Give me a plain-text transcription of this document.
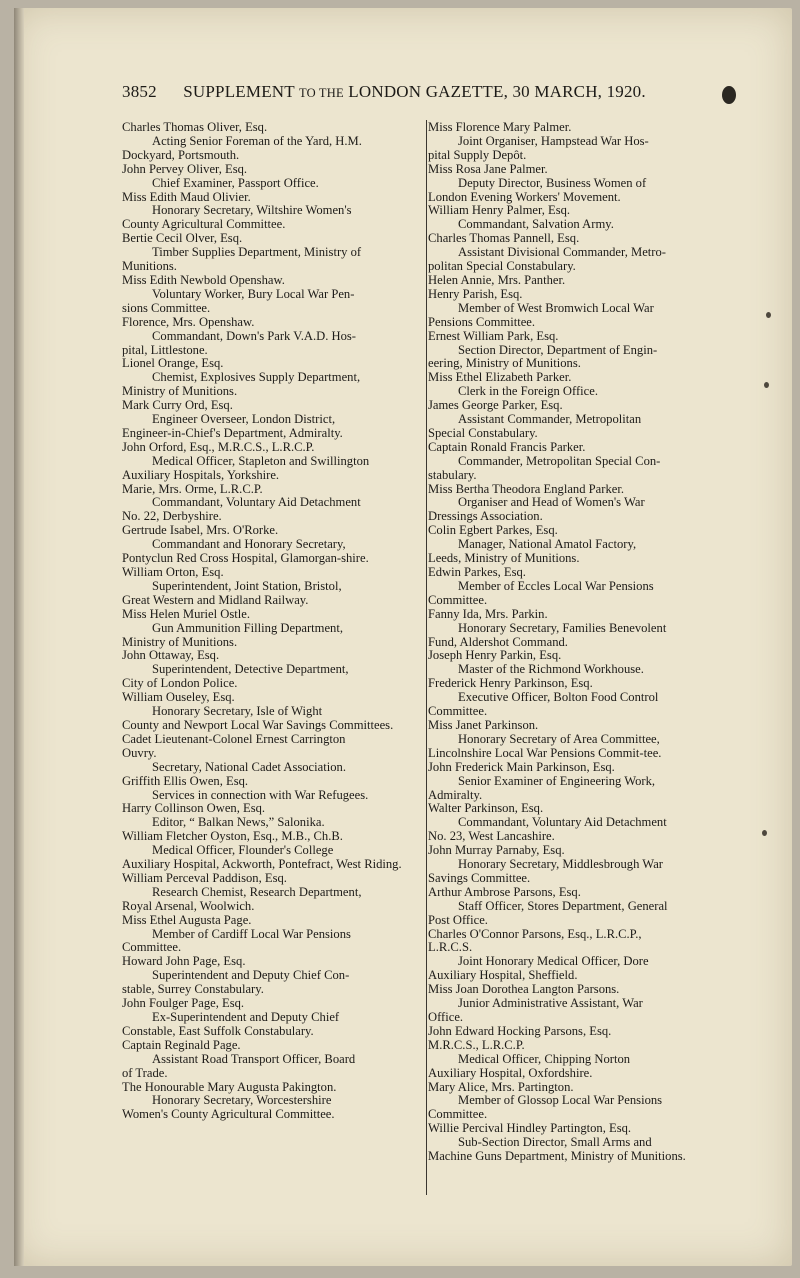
3852 SUPPLEMENT TO THE LONDON GAZETTE, 30 MARCH, 1920.
Charles Thomas Oliver, Esq.
Acting Senior Foreman of the Yard, H.M.
Dockyard, Portsmouth.
John Pervey Oliver, Esq.
Chief Examiner, Passport Office.
Miss Edith Maud Olivier.
Honorary Secretary, Wiltshire Women's
County Agricultural Committee.
Bertie Cecil Olver, Esq.
Timber Supplies Department, Ministry of
Munitions.
Miss Edith Newbold Openshaw.
Voluntary Worker, Bury Local War Pen-
sions Committee.
Florence, Mrs. Openshaw.
Commandant, Down's Park V.A.D. Hos-
pital, Littlestone.
Lionel Orange, Esq.
Chemist, Explosives Supply Department,
Ministry of Munitions.
Mark Curry Ord, Esq.
Engineer Overseer, London District,
Engineer-in-Chief's Department, Admiralty.
John Orford, Esq., M.R.C.S., L.R.C.P.
Medical Officer, Stapleton and Swillington
Auxiliary Hospitals, Yorkshire.
Marie, Mrs. Orme, L.R.C.P.
Commandant, Voluntary Aid Detachment
No. 22, Derbyshire.
Gertrude Isabel, Mrs. O'Rorke.
Commandant and Honorary Secretary,
Pontyclun Red Cross Hospital, Glamorgan-shire.
William Orton, Esq.
Superintendent, Joint Station, Bristol,
Great Western and Midland Railway.
Miss Helen Muriel Ostle.
Gun Ammunition Filling Department,
Ministry of Munitions.
John Ottaway, Esq.
Superintendent, Detective Department,
City of London Police.
William Ouseley, Esq.
Honorary Secretary, Isle of Wight
County and Newport Local War Savings Committees.
Cadet Lieutenant-Colonel Ernest Carrington
Ouvry.
Secretary, National Cadet Association.
Griffith Ellis Owen, Esq.
Services in connection with War Refugees.
Harry Collinson Owen, Esq.
Editor, “ Balkan News,” Salonika.
William Fletcher Oyston, Esq., M.B., Ch.B.
Medical Officer, Flounder's College
Auxiliary Hospital, Ackworth, Pontefract, West Riding.
William Perceval Paddison, Esq.
Research Chemist, Research Department,
Royal Arsenal, Woolwich.
Miss Ethel Augusta Page.
Member of Cardiff Local War Pensions
Committee.
Howard John Page, Esq.
Superintendent and Deputy Chief Con-
stable, Surrey Constabulary.
John Foulger Page, Esq.
Ex-Superintendent and Deputy Chief
Constable, East Suffolk Constabulary.
Captain Reginald Page.
Assistant Road Transport Officer, Board
of Trade.
The Honourable Mary Augusta Pakington.
Honorary Secretary, Worcestershire
Women's County Agricultural Committee.
Miss Florence Mary Palmer.
Joint Organiser, Hampstead War Hos-
pital Supply Depôt.
Miss Rosa Jane Palmer.
Deputy Director, Business Women of
London Evening Workers' Movement.
William Henry Palmer, Esq.
Commandant, Salvation Army.
Charles Thomas Pannell, Esq.
Assistant Divisional Commander, Metro-
politan Special Constabulary.
Helen Annie, Mrs. Panther.
Henry Parish, Esq.
Member of West Bromwich Local War
Pensions Committee.
Ernest William Park, Esq.
Section Director, Department of Engin-
eering, Ministry of Munitions.
Miss Ethel Elizabeth Parker.
Clerk in the Foreign Office.
James George Parker, Esq.
Assistant Commander, Metropolitan
Special Constabulary.
Captain Ronald Francis Parker.
Commander, Metropolitan Special Con-
stabulary.
Miss Bertha Theodora England Parker.
Organiser and Head of Women's War
Dressings Association.
Colin Egbert Parkes, Esq.
Manager, National Amatol Factory,
Leeds, Ministry of Munitions.
Edwin Parkes, Esq.
Member of Eccles Local War Pensions
Committee.
Fanny Ida, Mrs. Parkin.
Honorary Secretary, Families Benevolent
Fund, Aldershot Command.
Joseph Henry Parkin, Esq.
Master of the Richmond Workhouse.
Frederick Henry Parkinson, Esq.
Executive Officer, Bolton Food Control
Committee.
Miss Janet Parkinson.
Honorary Secretary of Area Committee,
Lincolnshire Local War Pensions Commit-tee.
John Frederick Main Parkinson, Esq.
Senior Examiner of Engineering Work,
Admiralty.
Walter Parkinson, Esq.
Commandant, Voluntary Aid Detachment
No. 23, West Lancashire.
John Murray Parnaby, Esq.
Honorary Secretary, Middlesbrough War
Savings Committee.
Arthur Ambrose Parsons, Esq.
Staff Officer, Stores Department, General
Post Office.
Charles O'Connor Parsons, Esq., L.R.C.P.,
L.R.C.S.
Joint Honorary Medical Officer, Dore
Auxiliary Hospital, Sheffield.
Miss Joan Dorothea Langton Parsons.
Junior Administrative Assistant, War
Office.
John Edward Hocking Parsons, Esq.
M.R.C.S., L.R.C.P.
Medical Officer, Chipping Norton
Auxiliary Hospital, Oxfordshire.
Mary Alice, Mrs. Partington.
Member of Glossop Local War Pensions
Committee.
Willie Percival Hindley Partington, Esq.
Sub-Section Director, Small Arms and
Machine Guns Department, Ministry of Munitions.
